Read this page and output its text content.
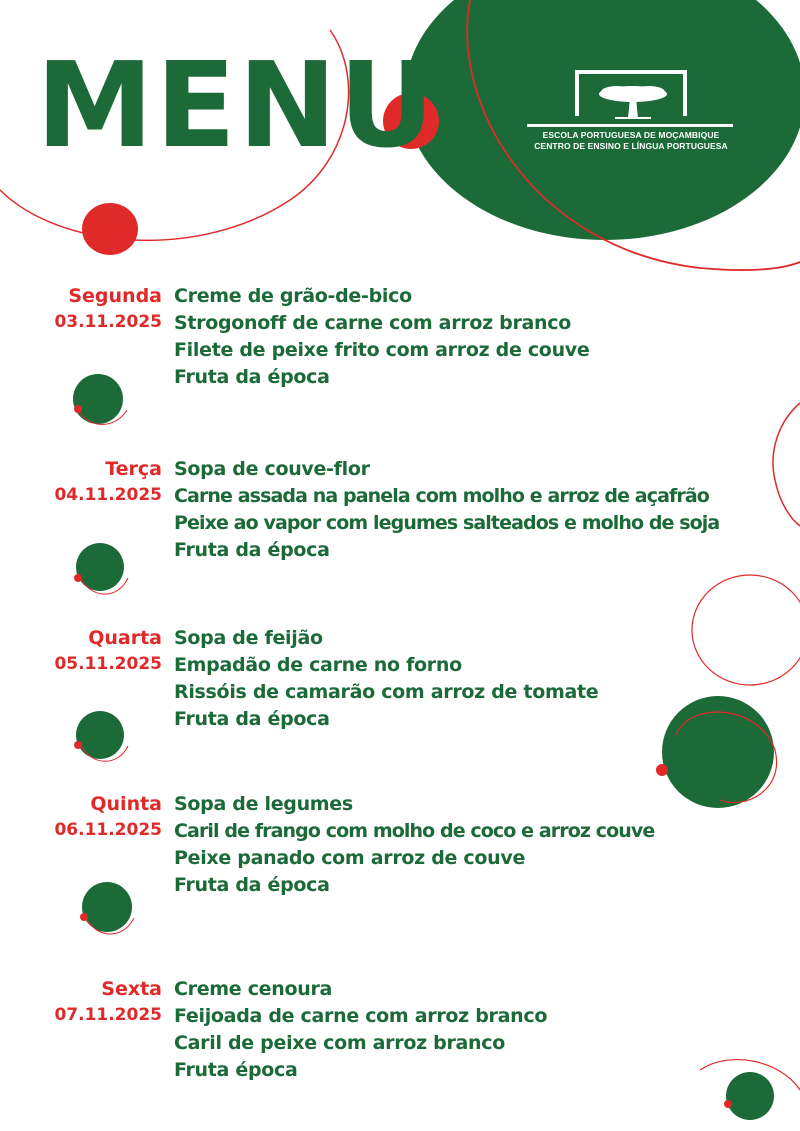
MENU	ESCOLA PORTUGUESA DE MOÇAMBIQUE
CENTRO DE ENSINO E LÍNGUA PORTUGUESA
Segunda
03.11.2025
Creme de grão-de-bico
Strogonoff de carne com arroz branco
Filete de peixe frito com arroz de couve
Fruta da época
Terça
04.11.2025
Sopa de couve-flor
Carne assada na panela com molho e arroz de açafrão
Peixe ao vapor com legumes salteados e molho de soja
Fruta da época
Quarta
05.11.2025
Sopa de feijão
Empadão de carne no forno
Rissóis de camarão com arroz de tomate
Fruta da época
Quinta
06.11.2025
Sopa de legumes
Caril de frango com molho de coco e arroz couve
Peixe panado com arroz de couve
Fruta da época
Sexta
07.11.2025
Creme cenoura
Feijoada de carne com arroz branco
Caril de peixe com arroz branco
Fruta época
